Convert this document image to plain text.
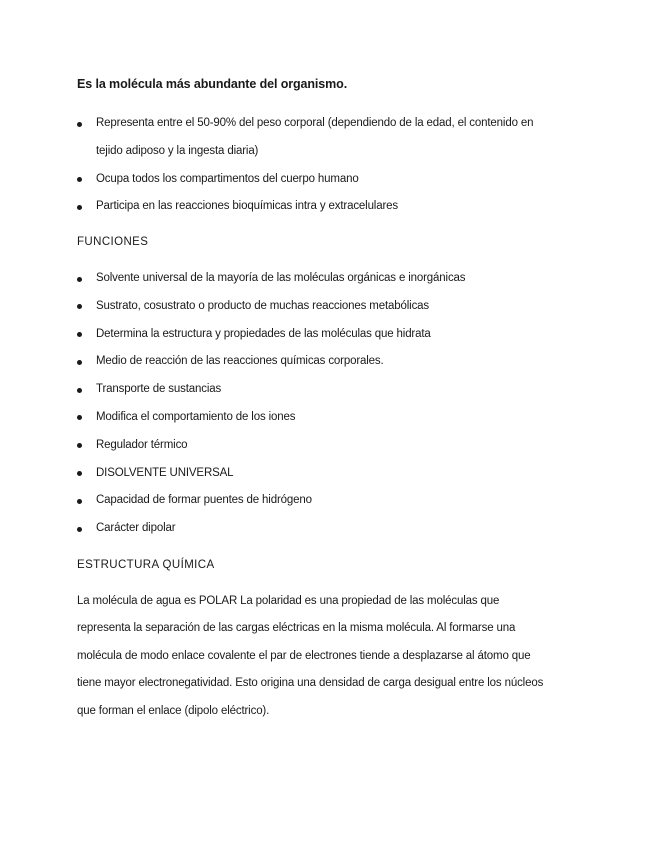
Es la molécula más abundante del organismo.
Representa entre el 50-90% del peso corporal (dependiendo de la edad, el contenido en
tejido adiposo y la ingesta diaria)
Ocupa todos los compartimentos del cuerpo humano
Participa en las reacciones bioquímicas intra y extracelulares
FUNCIONES
Solvente universal de la mayoría de las moléculas orgánicas e inorgánicas
Sustrato, cosustrato o producto de muchas reacciones metabólicas
Determina la estructura y propiedades de las moléculas que hidrata
Medio de reacción de las reacciones químicas corporales.
Transporte de sustancias
Modifica el comportamiento de los iones
Regulador térmico
DISOLVENTE UNIVERSAL
Capacidad de formar puentes de hidrógeno
Carácter dipolar
ESTRUCTURA QUÍMICA
La molécula de agua es POLAR La polaridad es una propiedad de las moléculas que
representa la separación de las cargas eléctricas en la misma molécula. Al formarse una
molécula de modo enlace covalente el par de electrones tiende a desplazarse al átomo que
tiene mayor electronegatividad. Esto origina una densidad de carga desigual entre los núcleos
que forman el enlace (dipolo eléctrico).
